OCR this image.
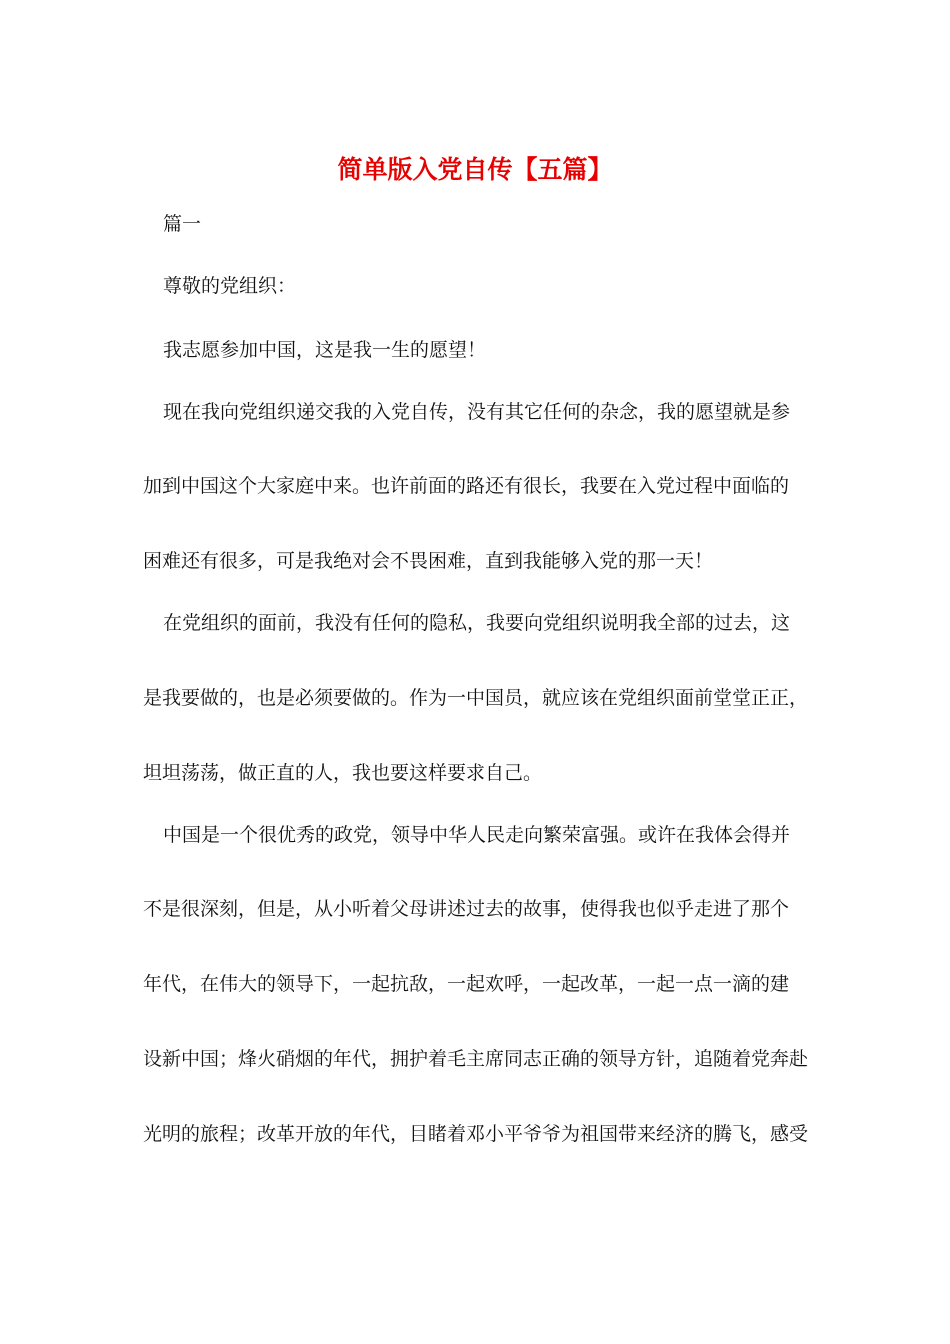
简单版入党自传【五篇】
篇一
尊敬的党组织：
我志愿参加中国，这是我一生的愿望！
现在我向党组织递交我的入党自传，没有其它任何的杂念，我的愿望就是参
加到中国这个大家庭中来。也许前面的路还有很长，我要在入党过程中面临的
困难还有很多，可是我绝对会不畏困难，直到我能够入党的那一天！
在党组织的面前，我没有任何的隐私，我要向党组织说明我全部的过去，这
是我要做的，也是必须要做的。作为一中国员，就应该在党组织面前堂堂正正，
坦坦荡荡，做正直的人，我也要这样要求自己。
中国是一个很优秀的政党，领导中华人民走向繁荣富强。或许在我体会得并
不是很深刻，但是，从小听着父母讲述过去的故事，使得我也似乎走进了那个
年代，在伟大的领导下，一起抗敌，一起欢呼，一起改革，一起一点一滴的建
设新中国；烽火硝烟的年代，拥护着毛主席同志正确的领导方针，追随着党奔赴
光明的旅程；改革开放的年代，目睹着邓小平爷爷为祖国带来经济的腾飞，感受
